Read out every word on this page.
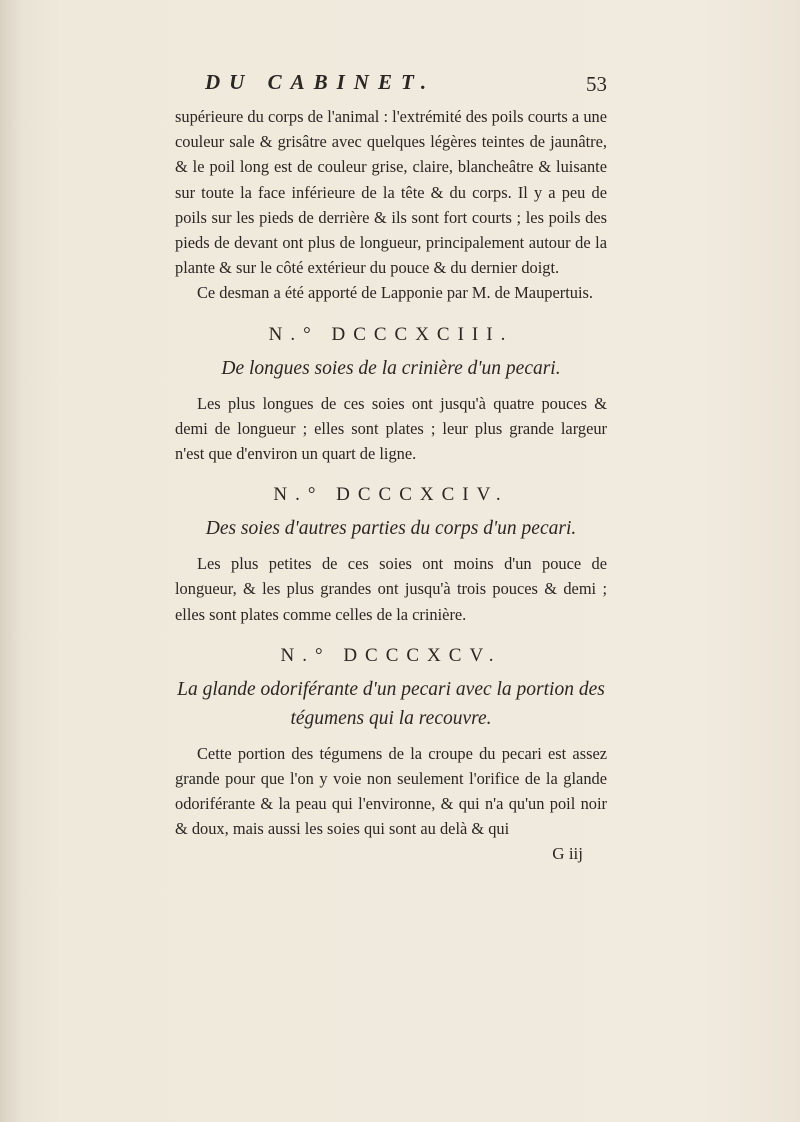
DU CABINET.	53

supérieure du corps de l'animal : l'extrémité des poils courts a une couleur sale & grisâtre avec quelques légères teintes de jaunâtre, & le poil long est de couleur grise, claire, blancheâtre & luisante sur toute la face inférieure de la tête & du corps. Il y a peu de poils sur les pieds de derrière & ils sont fort courts ; les poils des pieds de devant ont plus de longueur, principalement autour de la plante & sur le côté extérieur du pouce & du dernier doigt.

Ce desman a été apporté de Lapponie par M. de Maupertuis.

N.° DCCCXCIII.
De longues soies de la crinière d'un pecari.

Les plus longues de ces soies ont jusqu'à quatre pouces & demi de longueur ; elles sont plates ; leur plus grande largeur n'est que d'environ un quart de ligne.

N.° DCCCXCIV.
Des soies d'autres parties du corps d'un pecari.

Les plus petites de ces soies ont moins d'un pouce de longueur, & les plus grandes ont jusqu'à trois pouces & demi ; elles sont plates comme celles de la crinière.

N.° DCCCXCV.
La glande odoriférante d'un pecari avec la portion des tégumens qui la recouvre.

Cette portion des tégumens de la croupe du pecari est assez grande pour que l'on y voie non seulement l'orifice de la glande odoriférante & la peau qui l'environne, & qui n'a qu'un poil noir & doux, mais aussi les soies qui sont au delà & qui

G iij
